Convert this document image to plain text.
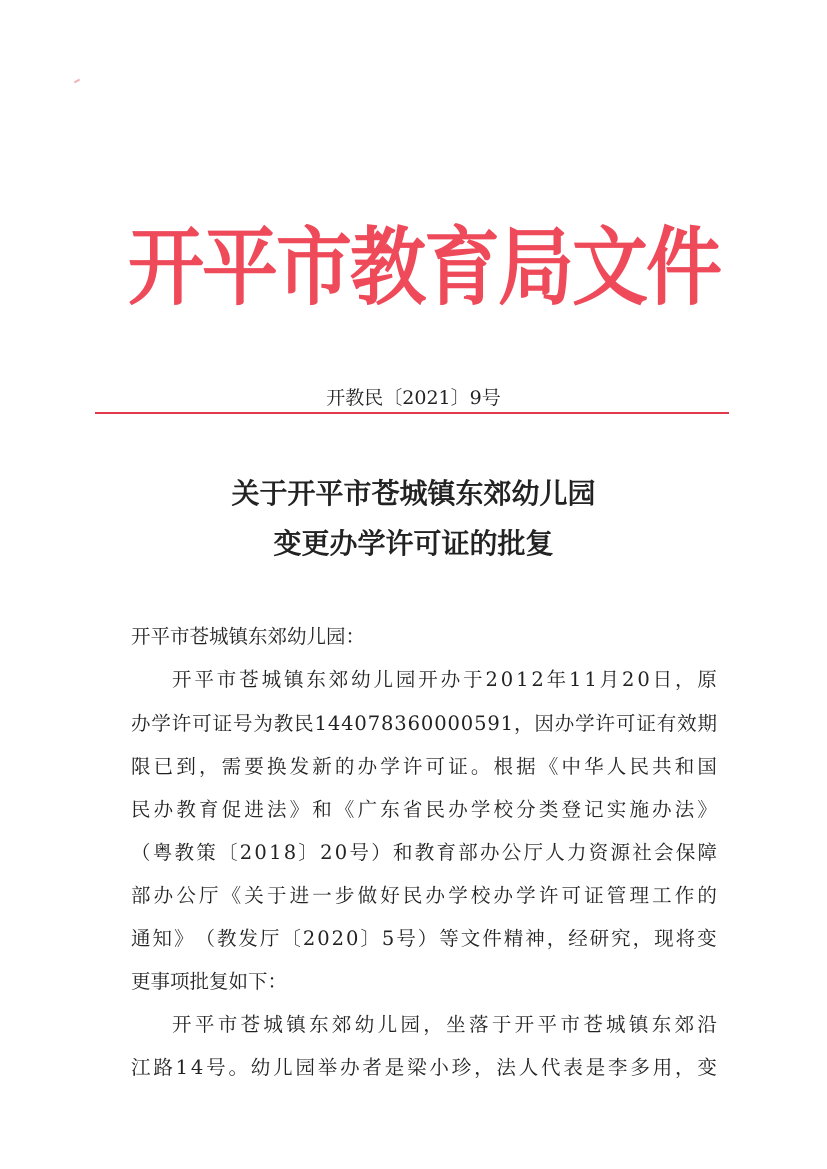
开平市教育局文件
开教民〔2021〕9号
关于开平市苍城镇东郊幼儿园
变更办学许可证的批复
开平市苍城镇东郊幼儿园：
开 平 市 苍 城 镇 东 郊 幼 儿 园 开 办 于 2 0 1 2 年 1 1 月 2 0 日 ， 原
办 学 许 可 证 号 为 教 民 1 4 4 0 7 8 3 6 0 0 0 0 5 9 1 ， 因 办 学 许 可 证 有 效 期
限 已 到 ， 需 要 换 发 新 的 办 学 许 可 证 。 根 据 《 中 华 人 民 共 和 国
民 办 教 育 促 进 法 》 和 《 广 东 省 民 办 学 校 分 类 登 记 实 施 办 法 》
（ 粤 教 策 〔 2 0 1 8 〕 2 0 号 ） 和 教 育 部 办 公 厅 人 力 资 源 社 会 保 障
部 办 公 厅 《 关 于 进 一 步 做 好 民 办 学 校 办 学 许 可 证 管 理 工 作 的
通 知 》 （ 教 发 厅 〔 2 0 2 0 〕 5 号 ） 等 文 件 精 神 ， 经 研 究 ， 现 将 变
更事项批复如下：
开 平 市 苍 城 镇 东 郊 幼 儿 园 ， 坐 落 于 开 平 市 苍 城 镇 东 郊 沿
江 路 1 4 号 。 幼 儿 园 举 办 者 是 梁 小 珍 ， 法 人 代 表 是 李 多 用 ， 变
